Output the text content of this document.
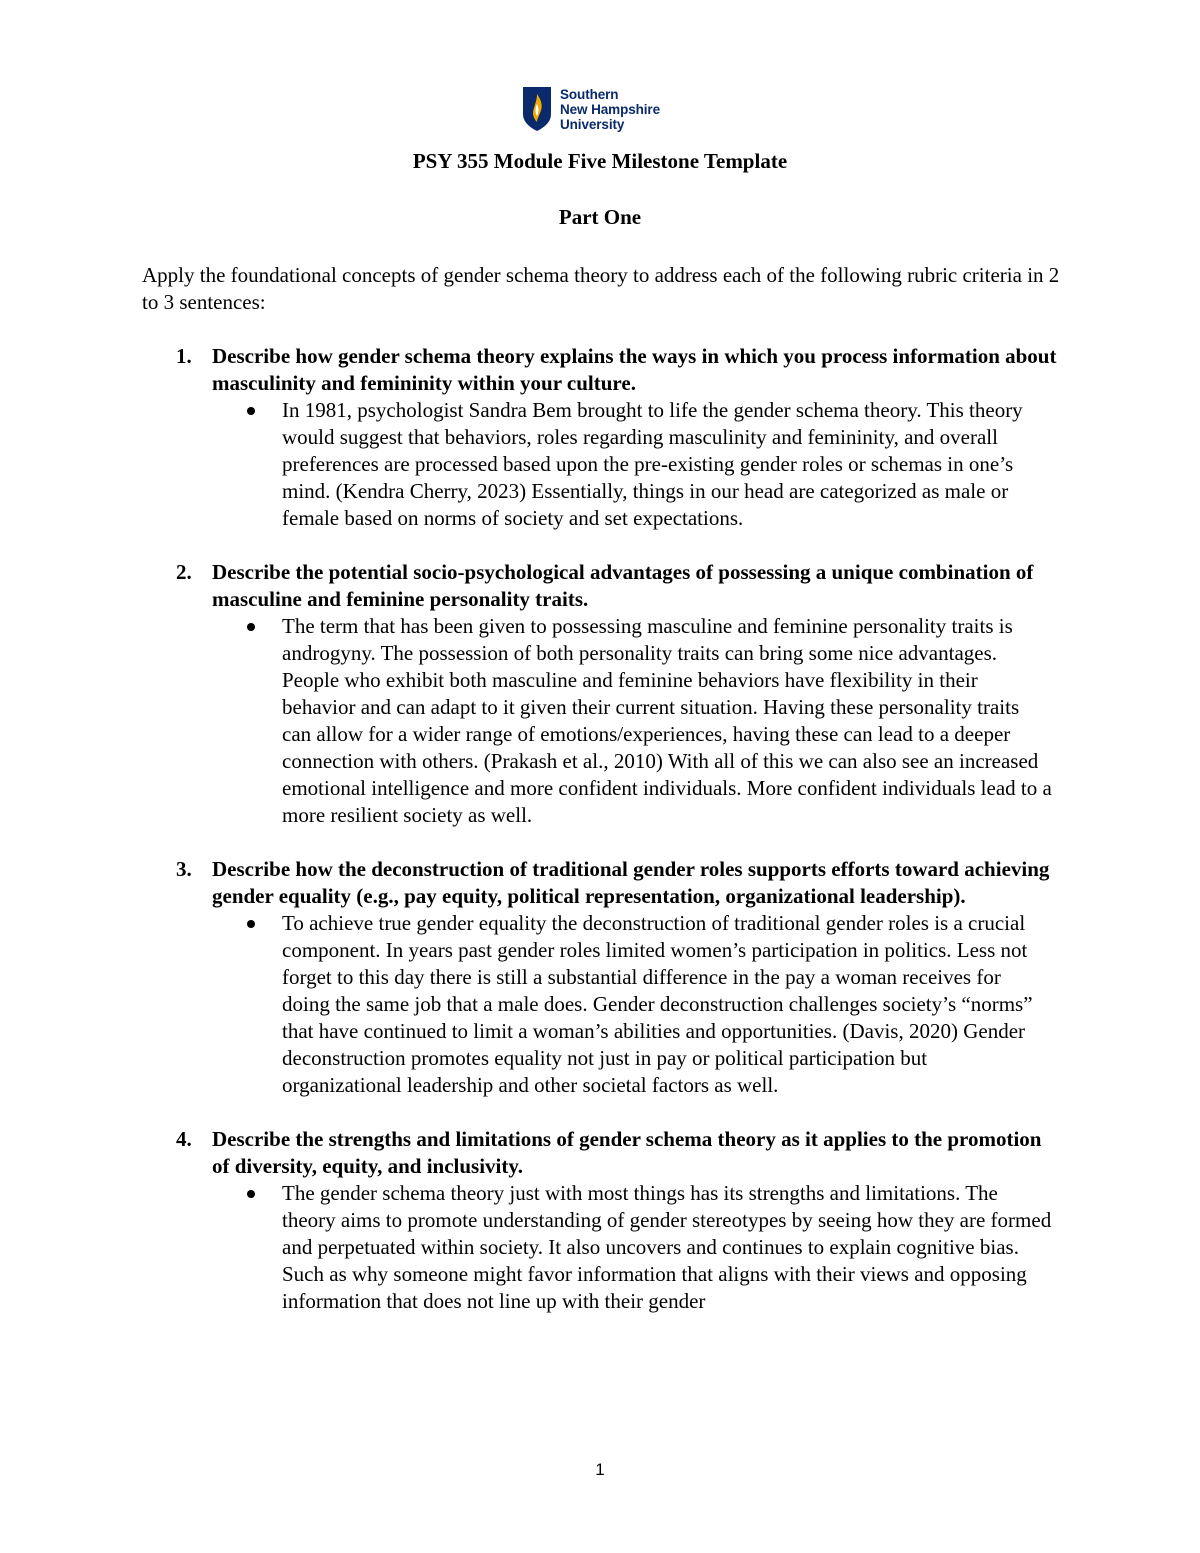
Southern
New Hampshire
University
PSY 355 Module Five Milestone Template
Part One

Apply the foundational concepts of gender schema theory to address each of the following rubric criteria in 2 to 3 sentences:

1. Describe how gender schema theory explains the ways in which you process information about masculinity and femininity within your culture.

In 1981, psychologist Sandra Bem brought to life the gender schema theory. This theory would suggest that behaviors, roles regarding masculinity and femininity, and overall preferences are processed based upon the pre-existing gender roles or schemas in one’s mind. (Kendra Cherry, 2023) Essentially, things in our head are categorized as male or female based on norms of society and set expectations.

2. Describe the potential socio-psychological advantages of possessing a unique combination of masculine and feminine personality traits.

The term that has been given to possessing masculine and feminine personality traits is androgyny. The possession of both personality traits can bring some nice advantages. People who exhibit both masculine and feminine behaviors have flexibility in their behavior and can adapt to it given their current situation. Having these personality traits can allow for a wider range of emotions/experiences, having these can lead to a deeper connection with others. (Prakash et al., 2010) With all of this we can also see an increased emotional intelligence and more confident individuals. More confident individuals lead to a more resilient society as well.

3. Describe how the deconstruction of traditional gender roles supports efforts toward achieving gender equality (e.g., pay equity, political representation, organizational leadership).

To achieve true gender equality the deconstruction of traditional gender roles is a crucial component. In years past gender roles limited women’s participation in politics. Less not forget to this day there is still a substantial difference in the pay a woman receives for doing the same job that a male does. Gender deconstruction challenges society’s “norms” that have continued to limit a woman’s abilities and opportunities. (Davis, 2020) Gender deconstruction promotes equality not just in pay or political participation but organizational leadership and other societal factors as well.

4. Describe the strengths and limitations of gender schema theory as it applies to the promotion of diversity, equity, and inclusivity.

The gender schema theory just with most things has its strengths and limitations. The theory aims to promote understanding of gender stereotypes by seeing how they are formed and perpetuated within society. It also uncovers and continues to explain cognitive bias. Such as why someone might favor information that aligns with their views and opposing information that does not line up with their gender

1
